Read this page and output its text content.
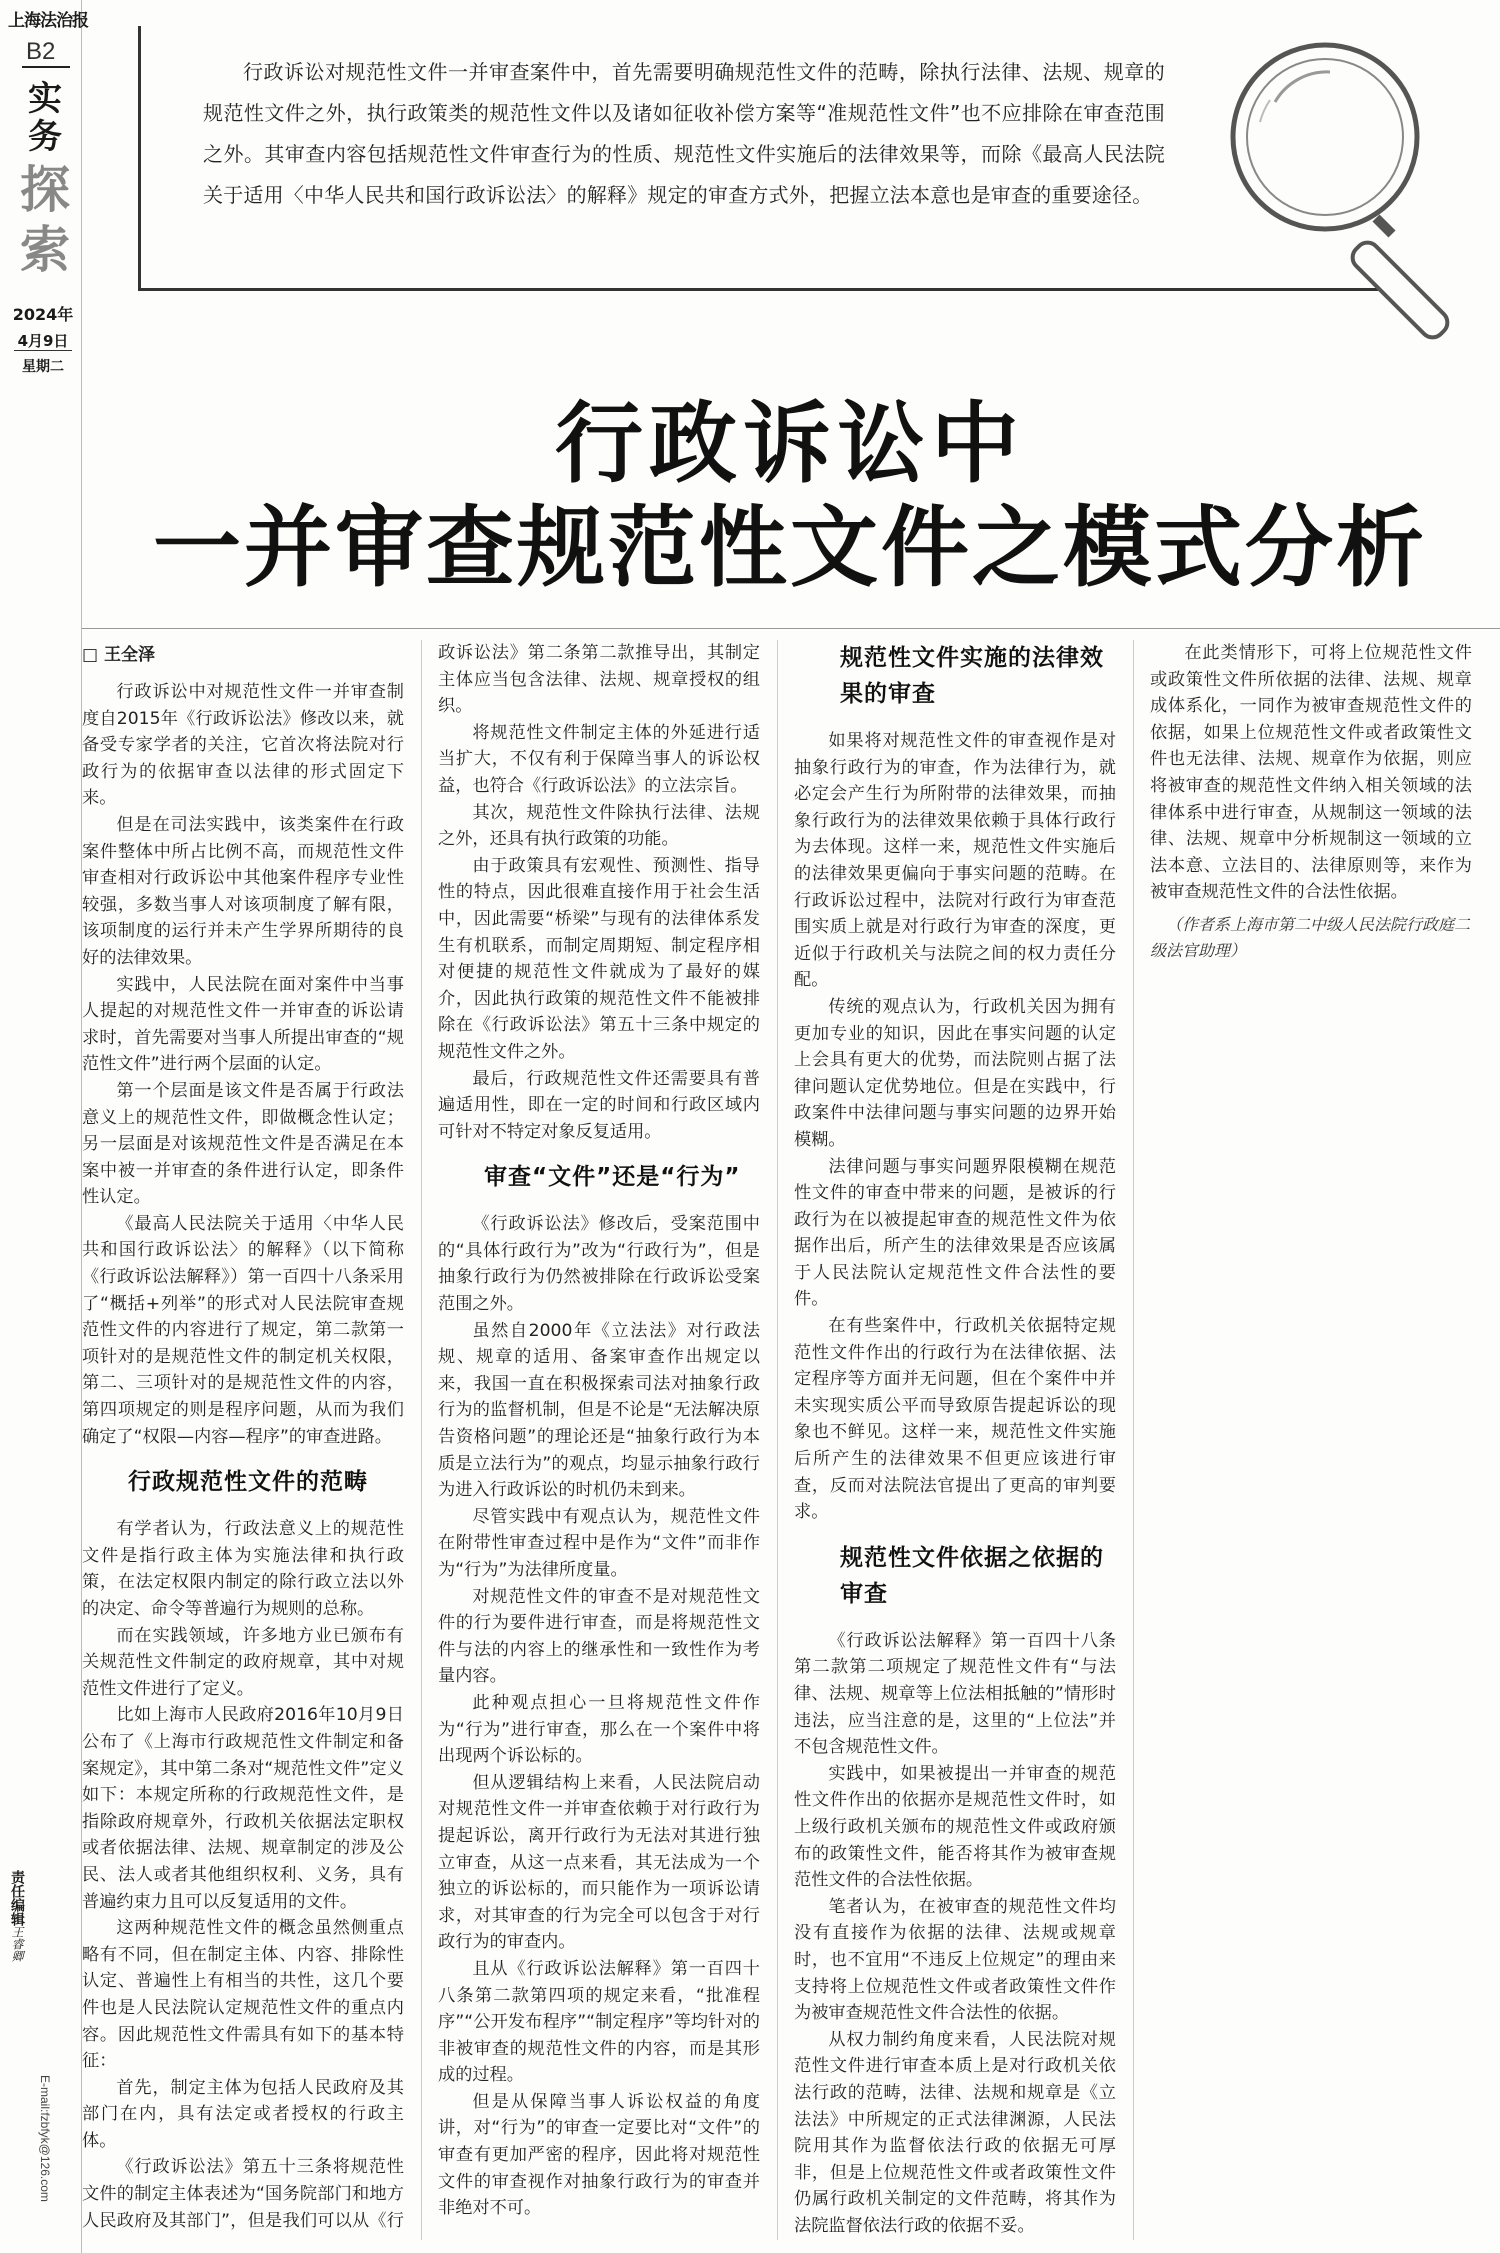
上海法治报
B2
实务
探索
2024年
4月9日
星期二
责任编辑王睿卿
E-mail:fzbfyk@126.com

行政诉讼对规范性文件一并审查案件中，首先需要明确规范性文件的范畴，除执行法律、法规、规章的规范性文件之外，执行政策类的规范性文件以及诸如征收补偿方案等“准规范性文件”也不应排除在审查范围之外。其审查内容包括规范性文件审查行为的性质、规范性文件实施后的法律效果等，而除《最高人民法院关于适用〈中华人民共和国行政诉讼法〉的解释》规定的审查方式外，把握立法本意也是审查的重要途径。

行政诉讼中
一并审查规范性文件之模式分析
□ 王全泽

行政诉讼中对规范性文件一并审查制度自2015年《行政诉讼法》修改以来，就备受专家学者的关注，它首次将法院对行政行为的依据审查以法律的形式固定下来。

但是在司法实践中，该类案件在行政案件整体中所占比例不高，而规范性文件审查相对行政诉讼中其他案件程序专业性较强，多数当事人对该项制度了解有限，该项制度的运行并未产生学界所期待的良好的法律效果。

实践中，人民法院在面对案件中当事人提起的对规范性文件一并审查的诉讼请求时，首先需要对当事人所提出审查的“规范性文件”进行两个层面的认定。

第一个层面是该文件是否属于行政法意义上的规范性文件，即做概念性认定；另一层面是对该规范性文件是否满足在本案中被一并审查的条件进行认定，即条件性认定。

《最高人民法院关于适用〈中华人民共和国行政诉讼法〉的解释》（以下简称《行政诉讼法解释》）第一百四十八条采用了“概括+列举”的形式对人民法院审查规范性文件的内容进行了规定，第二款第一项针对的是规范性文件的制定机关权限，第二、三项针对的是规范性文件的内容，第四项规定的则是程序问题，从而为我们确定了“权限—内容—程序”的审查进路。

行政规范性文件的范畴

有学者认为，行政法意义上的规范性文件是指行政主体为实施法律和执行政策，在法定权限内制定的除行政立法以外的决定、命令等普遍行为规则的总称。

而在实践领域，许多地方业已颁布有关规范性文件制定的政府规章，其中对规范性文件进行了定义。

比如上海市人民政府2016年10月9日公布了《上海市行政规范性文件制定和备案规定》，其中第二条对“规范性文件”定义如下：本规定所称的行政规范性文件，是指除政府规章外，行政机关依据法定职权或者依据法律、法规、规章制定的涉及公民、法人或者其他组织权利、义务，具有普遍约束力且可以反复适用的文件。

这两种规范性文件的概念虽然侧重点略有不同，但在制定主体、内容、排除性认定、普遍性上有相当的共性，这几个要件也是人民法院认定规范性文件的重点内容。因此规范性文件需具有如下的基本特征：

首先，制定主体为包括人民政府及其部门在内，具有法定或者授权的行政主体。

《行政诉讼法》第五十三条将规范性文件的制定主体表述为“国务院部门和地方人民政府及其部门”，但是我们可以从《行政诉讼法》第二条第二款推导出，其制定主体应当包含法律、法规、规章授权的组织。

将规范性文件制定主体的外延进行适当扩大，不仅有利于保障当事人的诉讼权益，也符合《行政诉讼法》的立法宗旨。

其次，规范性文件除执行法律、法规之外，还具有执行政策的功能。

由于政策具有宏观性、预测性、指导性的特点，因此很难直接作用于社会生活中，因此需要“桥梁”与现有的法律体系发生有机联系，而制定周期短、制定程序相对便捷的规范性文件就成为了最好的媒介，因此执行政策的规范性文件不能被排除在《行政诉讼法》第五十三条中规定的规范性文件之外。

最后，行政规范性文件还需要具有普遍适用性，即在一定的时间和行政区域内可针对不特定对象反复适用。

审查“文件”还是“行为”

《行政诉讼法》修改后，受案范围中的“具体行政行为”改为“行政行为”，但是抽象行政行为仍然被排除在行政诉讼受案范围之外。

虽然自2000年《立法法》对行政法规、规章的适用、备案审查作出规定以来，我国一直在积极探索司法对抽象行政行为的监督机制，但是不论是“无法解决原告资格问题”的理论还是“抽象行政行为本质是立法行为”的观点，均显示抽象行政行为进入行政诉讼的时机仍未到来。

尽管实践中有观点认为，规范性文件在附带性审查过程中是作为“文件”而非作为“行为”为法律所度量。

对规范性文件的审查不是对规范性文件的行为要件进行审查，而是将规范性文件与法的内容上的继承性和一致性作为考量内容。

此种观点担心一旦将规范性文件作为“行为”进行审查，那么在一个案件中将出现两个诉讼标的。

但从逻辑结构上来看，人民法院启动对规范性文件一并审查依赖于对行政行为提起诉讼，离开行政行为无法对其进行独立审查，从这一点来看，其无法成为一个独立的诉讼标的，而只能作为一项诉讼请求，对其审查的行为完全可以包含于对行政行为的审查内。

且从《行政诉讼法解释》第一百四十八条第二款第四项的规定来看，“批准程序”“公开发布程序”“制定程序”等均针对的非被审查的规范性文件的内容，而是其形成的过程。

但是从保障当事人诉讼权益的角度讲，对“行为”的审查一定要比对“文件”的审查有更加严密的程序，因此将对规范性文件的审查视作对抽象行政行为的审查并非绝对不可。

规范性文件实施的法律效果的审查

如果将对规范性文件的审查视作是对抽象行政行为的审查，作为法律行为，就必定会产生行为所附带的法律效果，而抽象行政行为的法律效果依赖于具体行政行为去体现。这样一来，规范性文件实施后的法律效果更偏向于事实问题的范畴。在行政诉讼过程中，法院对行政行为审查范围实质上就是对行政行为审查的深度，更近似于行政机关与法院之间的权力责任分配。

传统的观点认为，行政机关因为拥有更加专业的知识，因此在事实问题的认定上会具有更大的优势，而法院则占据了法律问题认定优势地位。但是在实践中，行政案件中法律问题与事实问题的边界开始模糊。

法律问题与事实问题界限模糊在规范性文件的审查中带来的问题，是被诉的行政行为在以被提起审查的规范性文件为依据作出后，所产生的法律效果是否应该属于人民法院认定规范性文件合法性的要件。

在有些案件中，行政机关依据特定规范性文件作出的行政行为在法律依据、法定程序等方面并无问题，但在个案件中并未实现实质公平而导致原告提起诉讼的现象也不鲜见。这样一来，规范性文件实施后所产生的法律效果不但更应该进行审查，反而对法院法官提出了更高的审判要求。

规范性文件依据之依据的审查

《行政诉讼法解释》第一百四十八条第二款第二项规定了规范性文件有“与法律、法规、规章等上位法相抵触的”情形时违法，应当注意的是，这里的“上位法”并不包含规范性文件。

实践中，如果被提出一并审查的规范性文件作出的依据亦是规范性文件时，如上级行政机关颁布的规范性文件或政府颁布的政策性文件，能否将其作为被审查规范性文件的合法性依据。

笔者认为，在被审查的规范性文件均没有直接作为依据的法律、法规或规章时，也不宜用“不违反上位规定”的理由来支持将上位规范性文件或者政策性文件作为被审查规范性文件合法性的依据。

从权力制约角度来看，人民法院对规范性文件进行审查本质上是对行政机关依法行政的范畴，法律、法规和规章是《立法法》中所规定的正式法律渊源，人民法院用其作为监督依法行政的依据无可厚非，但是上位规范性文件或者政策性文件仍属行政机关制定的文件范畴，将其作为法院监督依法行政的依据不妥。

在此类情形下，可将上位规范性文件或政策性文件所依据的法律、法规、规章成体系化，一同作为被审查规范性文件的依据，如果上位规范性文件或者政策性文件也无法律、法规、规章作为依据，则应将被审查的规范性文件纳入相关领域的法律体系中进行审查，从规制这一领域的法律、法规、规章中分析规制这一领域的立法本意、立法目的、法律原则等，来作为被审查规范性文件的合法性依据。

（作者系上海市第二中级人民法院行政庭二级法官助理）
